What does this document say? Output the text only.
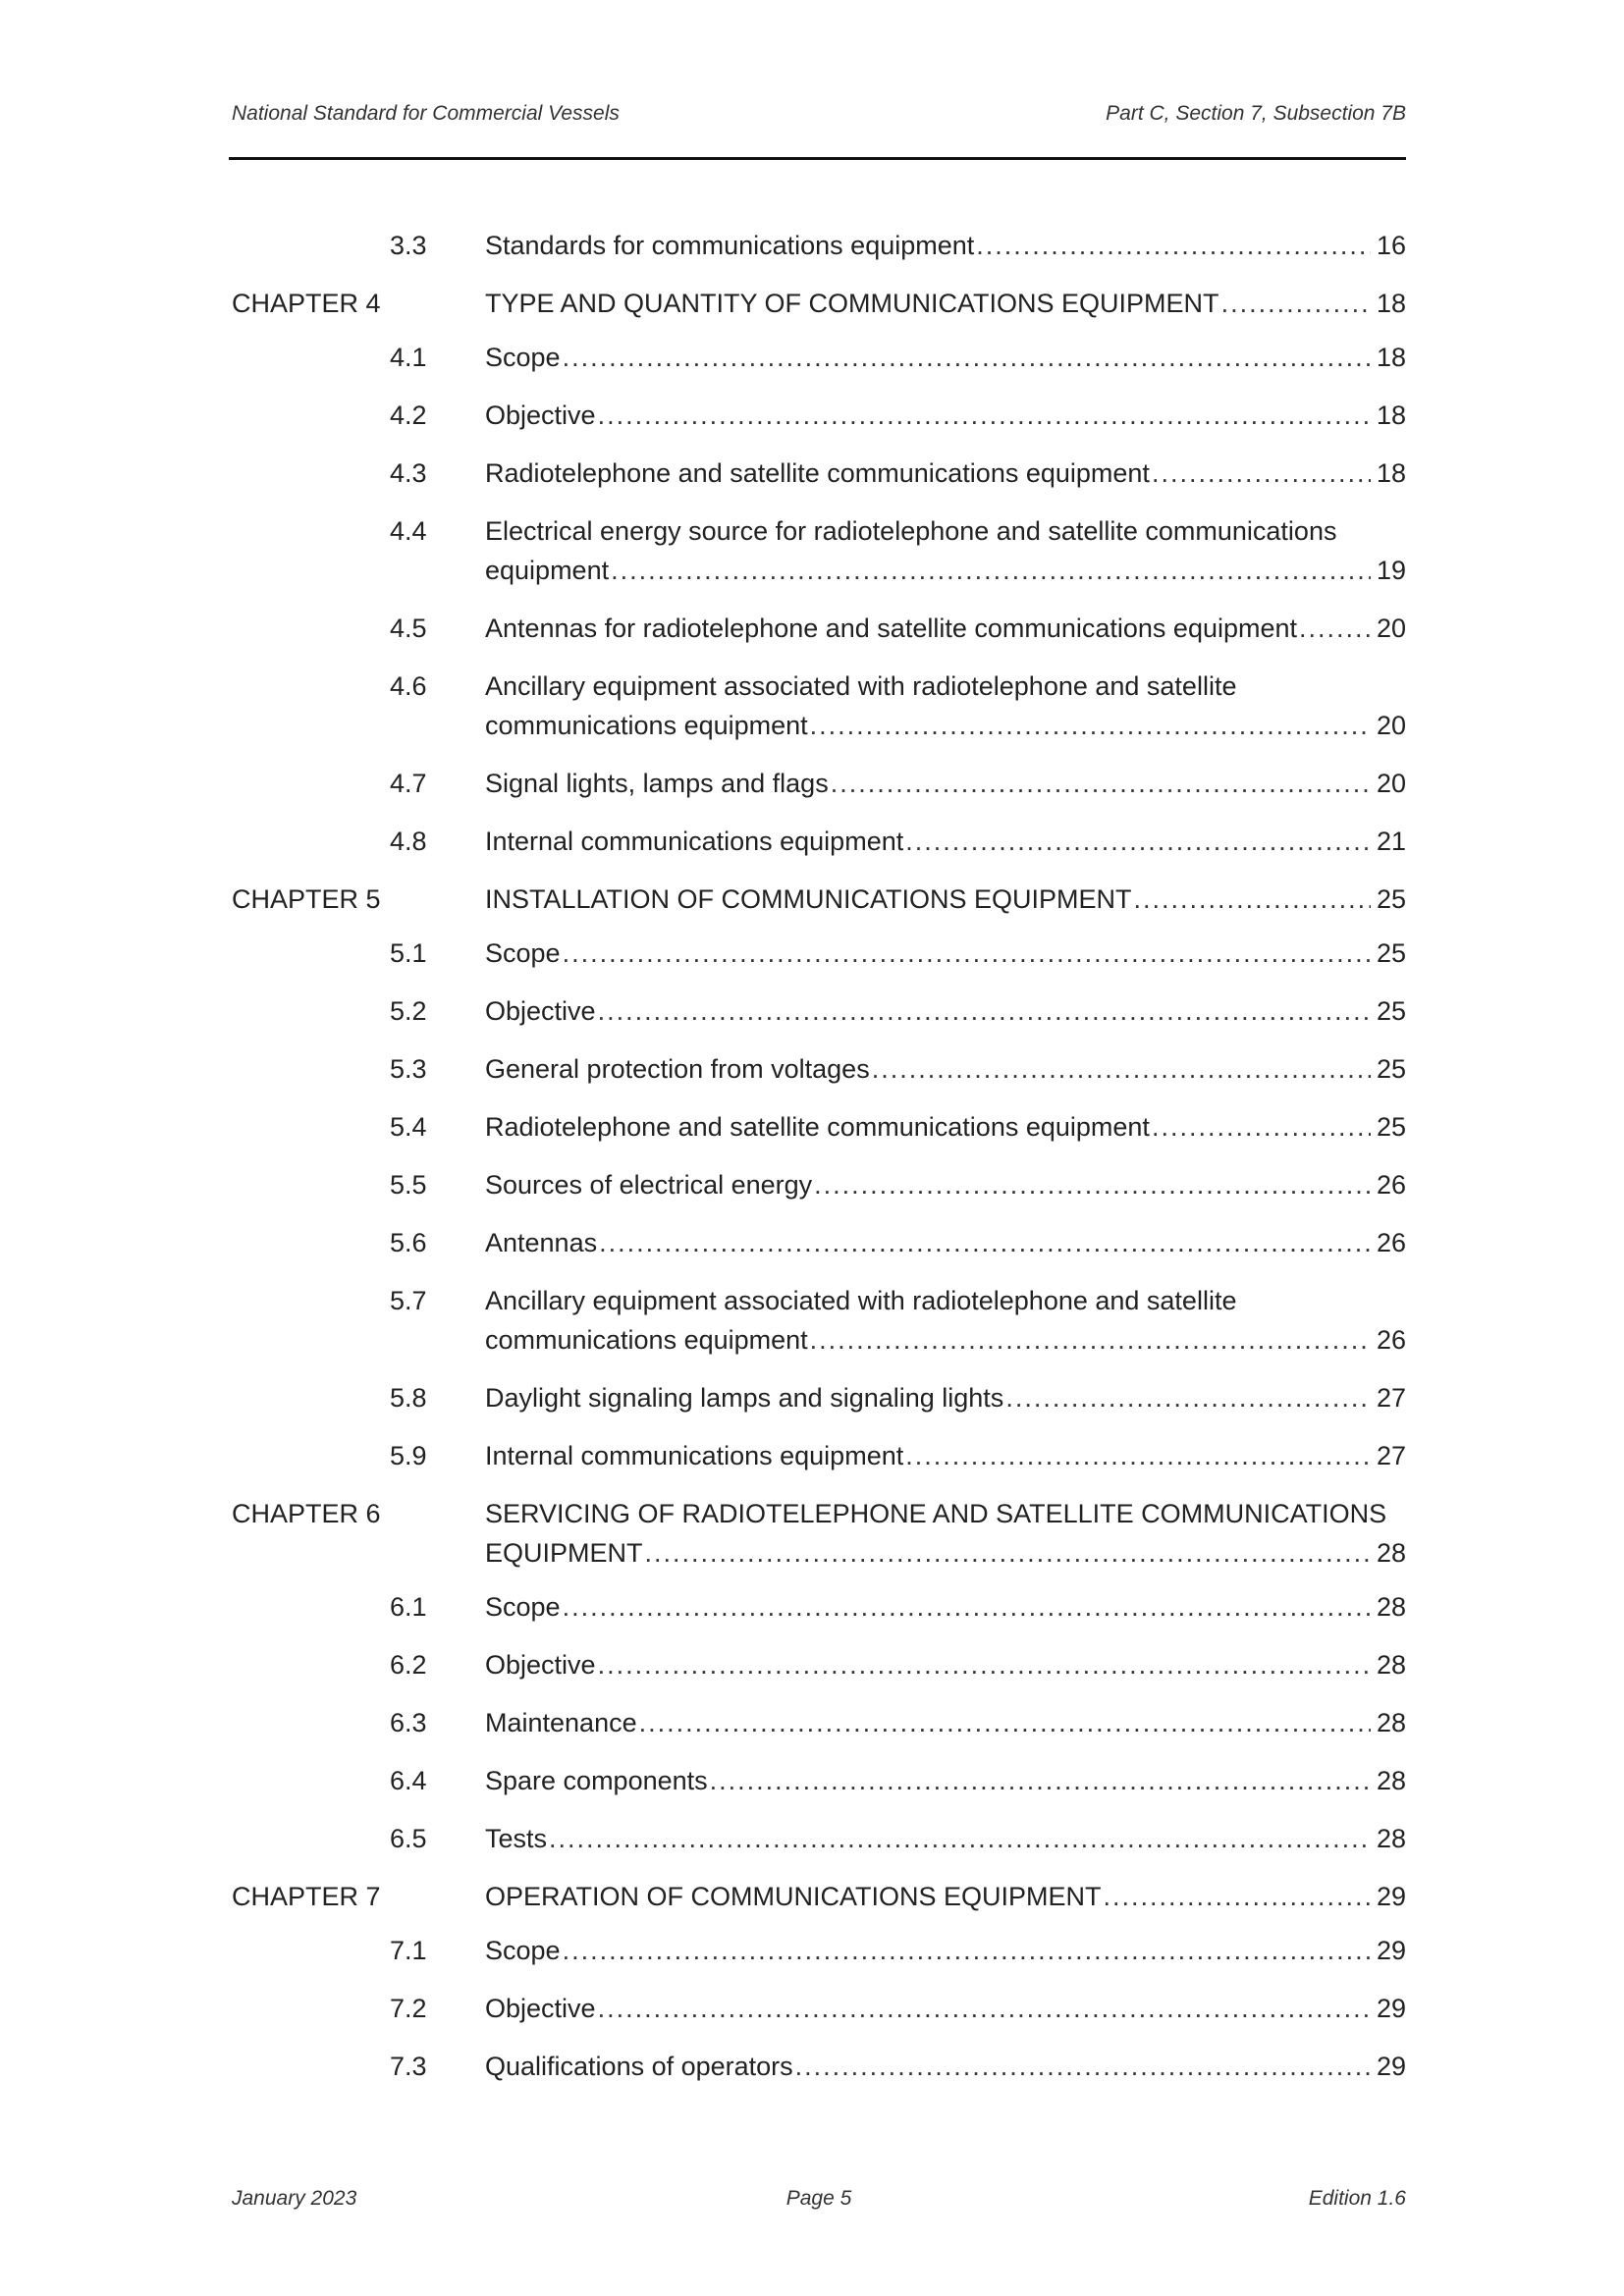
National Standard for Commercial Vessels	Part C, Section 7, Subsection 7B
3.3 Standards for communications equipment .....	16
CHAPTER 4	TYPE AND QUANTITY OF COMMUNICATIONS EQUIPMENT .....	18
4.1 Scope .....	18
4.2 Objective .....	18
4.3 Radiotelephone and satellite communications equipment .....	18
4.4 Electrical energy source for radiotelephone and satellite communications
equipment .....	19
4.5 Antennas for radiotelephone and satellite communications equipment .....	20
4.6 Ancillary equipment associated with radiotelephone and satellite
communications equipment .....	20
4.7 Signal lights, lamps and flags .....	20
4.8 Internal communications equipment .....	21
CHAPTER 5	INSTALLATION OF COMMUNICATIONS EQUIPMENT .....	25
5.1 Scope .....	25
5.2 Objective .....	25
5.3 General protection from voltages .....	25
5.4 Radiotelephone and satellite communications equipment .....	25
5.5 Sources of electrical energy .....	26
5.6 Antennas .....	26
5.7 Ancillary equipment associated with radiotelephone and satellite
communications equipment .....	26
5.8 Daylight signaling lamps and signaling lights .....	27
5.9 Internal communications equipment .....	27
CHAPTER 6	SERVICING OF RADIOTELEPHONE AND SATELLITE COMMUNICATIONS
EQUIPMENT .....	28
6.1 Scope .....	28
6.2 Objective .....	28
6.3 Maintenance .....	28
6.4 Spare components .....	28
6.5 Tests .....	28
CHAPTER 7	OPERATION OF COMMUNICATIONS EQUIPMENT .....	29
7.1 Scope .....	29
7.2 Objective .....	29
7.3 Qualifications of operators .....	29
January 2023	Page 5	Edition 1.6
